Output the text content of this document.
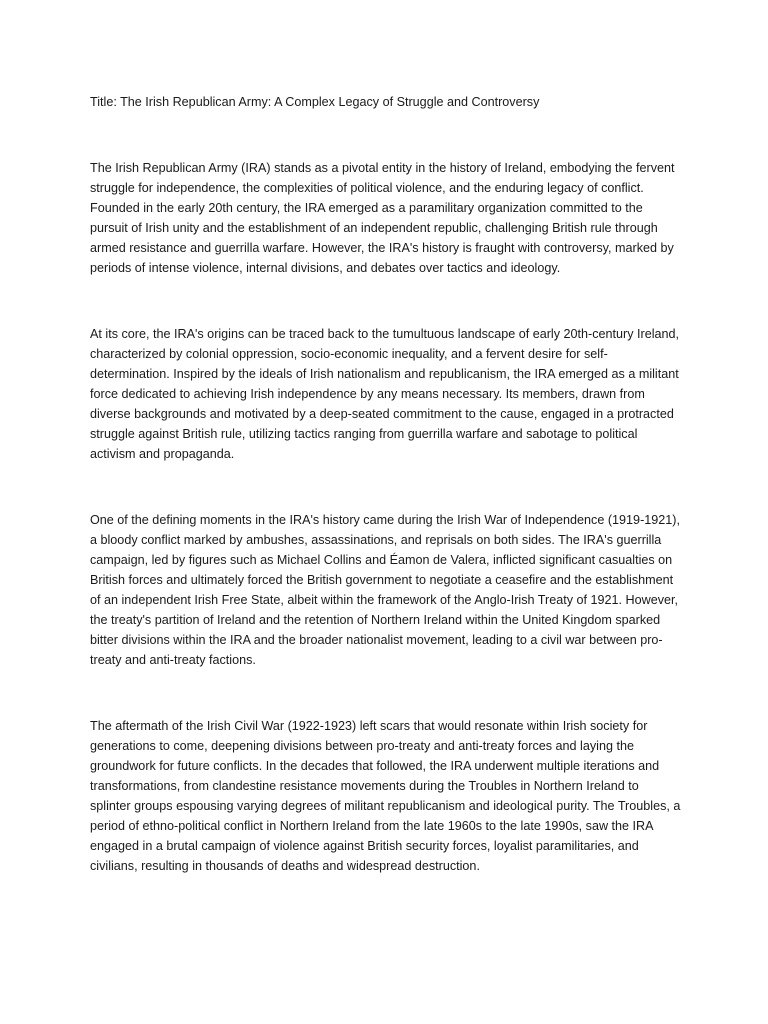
Title: The Irish Republican Army: A Complex Legacy of Struggle and Controversy

The Irish Republican Army (IRA) stands as a pivotal entity in the history of Ireland, embodying the fervent struggle for independence, the complexities of political violence, and the enduring legacy of conflict. Founded in the early 20th century, the IRA emerged as a paramilitary organization committed to the pursuit of Irish unity and the establishment of an independent republic, challenging British rule through armed resistance and guerrilla warfare. However, the IRA's history is fraught with controversy, marked by periods of intense violence, internal divisions, and debates over tactics and ideology.

At its core, the IRA's origins can be traced back to the tumultuous landscape of early 20th-century Ireland, characterized by colonial oppression, socio-economic inequality, and a fervent desire for self-determination. Inspired by the ideals of Irish nationalism and republicanism, the IRA emerged as a militant force dedicated to achieving Irish independence by any means necessary. Its members, drawn from diverse backgrounds and motivated by a deep-seated commitment to the cause, engaged in a protracted struggle against British rule, utilizing tactics ranging from guerrilla warfare and sabotage to political activism and propaganda.

One of the defining moments in the IRA's history came during the Irish War of Independence (1919-1921), a bloody conflict marked by ambushes, assassinations, and reprisals on both sides. The IRA's guerrilla campaign, led by figures such as Michael Collins and Éamon de Valera, inflicted significant casualties on British forces and ultimately forced the British government to negotiate a ceasefire and the establishment of an independent Irish Free State, albeit within the framework of the Anglo-Irish Treaty of 1921. However, the treaty's partition of Ireland and the retention of Northern Ireland within the United Kingdom sparked bitter divisions within the IRA and the broader nationalist movement, leading to a civil war between pro-treaty and anti-treaty factions.

The aftermath of the Irish Civil War (1922-1923) left scars that would resonate within Irish society for generations to come, deepening divisions between pro-treaty and anti-treaty forces and laying the groundwork for future conflicts. In the decades that followed, the IRA underwent multiple iterations and transformations, from clandestine resistance movements during the Troubles in Northern Ireland to splinter groups espousing varying degrees of militant republicanism and ideological purity. The Troubles, a period of ethno-political conflict in Northern Ireland from the late 1960s to the late 1990s, saw the IRA engaged in a brutal campaign of violence against British security forces, loyalist paramilitaries, and civilians, resulting in thousands of deaths and widespread destruction.
